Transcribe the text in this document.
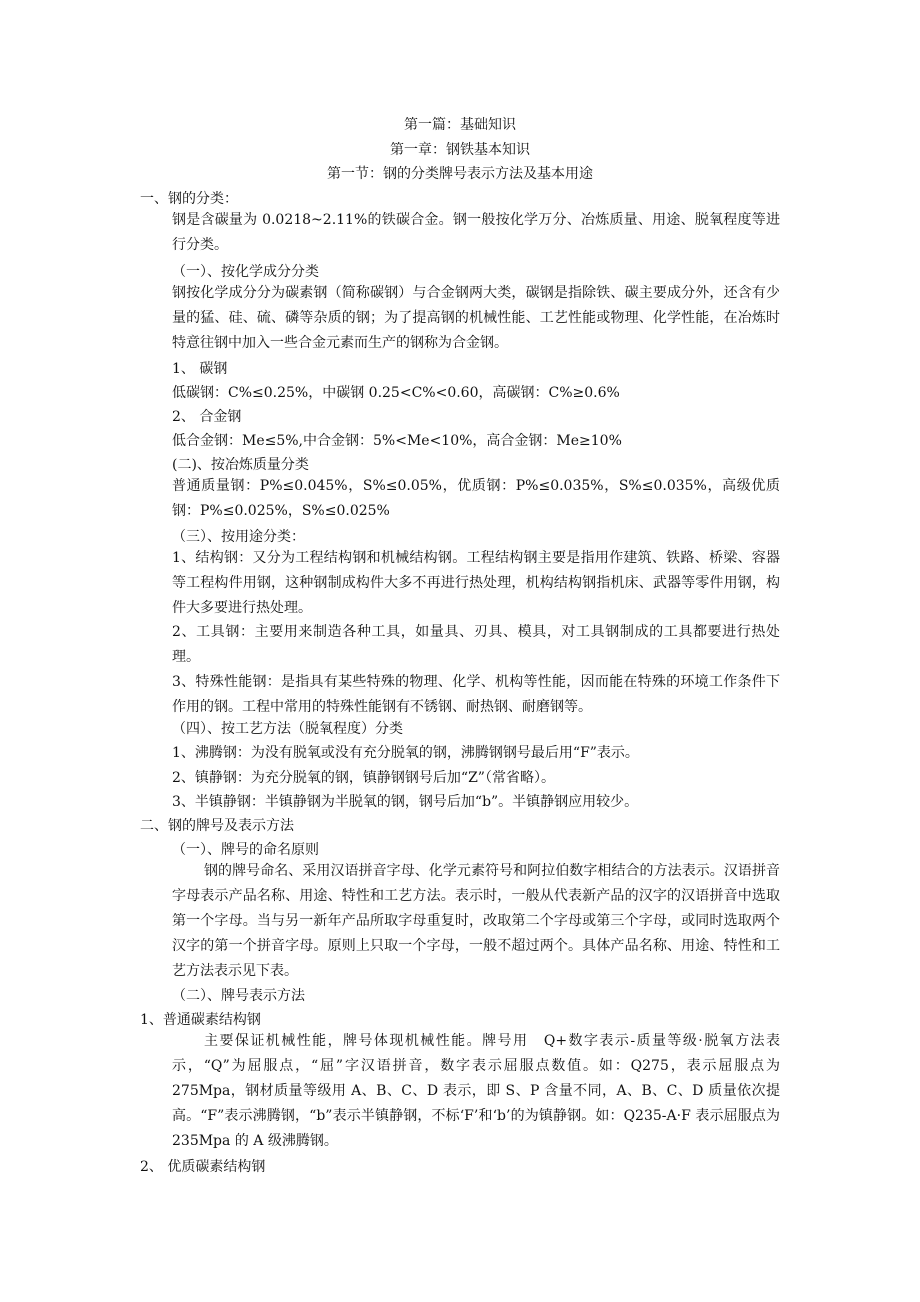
第一篇：基础知识
第一章：钢铁基本知识
第一节：钢的分类牌号表示方法及基本用途
一、钢的分类：
钢是含碳量为 0.0218~2.11%的铁碳合金。钢一般按化学万分、冶炼质量、用途、脱氧程度等进行分类。
（一）、按化学成分分类
钢按化学成分分为碳素钢（简称碳钢）与合金钢两大类，碳钢是指除铁、碳主要成分外，还含有少量的猛、硅、硫、磷等杂质的钢；为了提高钢的机械性能、工艺性能或物理、化学性能，在冶炼时特意往钢中加入一些合金元素而生产的钢称为合金钢。
1、 碳钢
低碳钢：C%≤0.25%，中碳钢 0.25<C%<0.60，高碳钢：C%≥0.6%
2、 合金钢
低合金钢：Me≤5%,中合金钢：5%<Me<10%，高合金钢：Me≥10%
(二)、按冶炼质量分类
普通质量钢：P%≤0.045%，S%≤0.05%，优质钢：P%≤0.035%，S%≤0.035%，高级优质钢：P%≤0.025%，S%≤0.025%
（三）、按用途分类：
1、结构钢：又分为工程结构钢和机械结构钢。工程结构钢主要是指用作建筑、铁路、桥梁、容器等工程构件用钢，这种钢制成构件大多不再进行热处理，机构结构钢指机床、武器等零件用钢，构件大多要进行热处理。
2、工具钢：主要用来制造各种工具，如量具、刃具、模具，对工具钢制成的工具都要进行热处理。
3、特殊性能钢：是指具有某些特殊的物理、化学、机构等性能，因而能在特殊的环境工作条件下作用的钢。工程中常用的特殊性能钢有不锈钢、耐热钢、耐磨钢等。
（四）、按工艺方法（脱氧程度）分类
1、沸腾钢：为没有脱氧或没有充分脱氧的钢，沸腾钢钢号最后用“F”表示。
2、镇静钢：为充分脱氧的钢，镇静钢钢号后加“Z”（常省略）。
3、半镇静钢：半镇静钢为半脱氧的钢，钢号后加“b”。半镇静钢应用较少。
二、钢的牌号及表示方法
（一）、牌号的命名原则
钢的牌号命名、采用汉语拼音字母、化学元素符号和阿拉伯数字相结合的方法表示。汉语拼音字母表示产品名称、用途、特性和工艺方法。表示时，一般从代表新产品的汉字的汉语拼音中选取第一个字母。当与另一新年产品所取字母重复时，改取第二个字母或第三个字母，或同时选取两个汉字的第一个拼音字母。原则上只取一个字母，一般不超过两个。具体产品名称、用途、特性和工艺方法表示见下表。
（二）、牌号表示方法
1、普通碳素结构钢
主要保证机械性能，牌号体现机械性能。牌号用　Q+数字表示-质量等级·脱氧方法表示，“Q”为屈服点，“屈”字汉语拼音，数字表示屈服点数值。如：Q275，表示屈服点为 275Mpa，钢材质量等级用 A、B、C、D 表示，即 S、P 含量不同，A、B、C、D 质量依次提高。“F”表示沸腾钢，“b”表示半镇静钢，不标‘F’和‘b’的为镇静钢。如：Q235-A·F 表示屈服点为 235Mpa 的 A 级沸腾钢。
2、 优质碳素结构钢
